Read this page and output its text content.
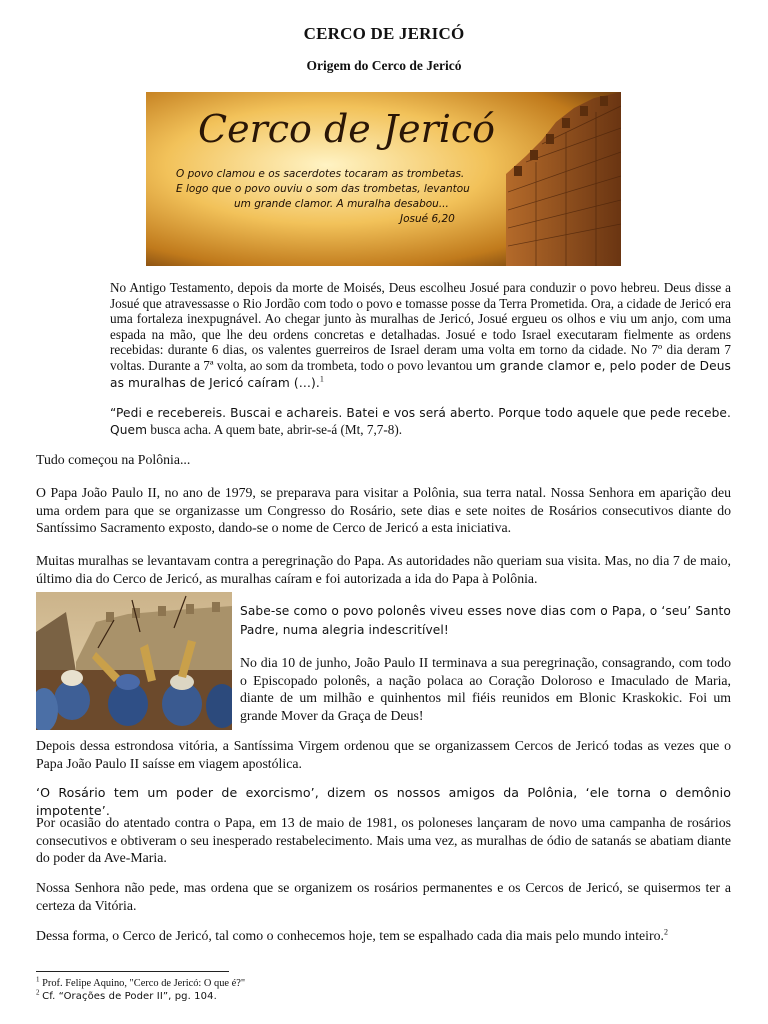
CERCO DE JERICÓ
Origem do Cerco de Jericó
Cerco de Jericó
O povo clamou e os sacerdotes tocaram as trombetas.
E logo que o povo ouviu o som das trombetas, levantou
um grande clamor. A muralha desabou...
Josué 6,20
No Antigo Testamento, depois da morte de Moisés, Deus escolheu Josué para conduzir o povo hebreu. Deus disse a Josué que atravessasse o Rio Jordão com todo o povo e tomasse posse da Terra Prometida. Ora, a cidade de Jericó era uma fortaleza inexpugnável. Ao chegar junto às muralhas de Jericó, Josué ergueu os olhos e viu um anjo, com uma espada na mão, que lhe deu ordens concretas e detalhadas. Josué e todo Israel executaram fielmente as ordens recebidas: durante 6 dias, os valentes guerreiros de Israel deram uma volta em torno da cidade. No 7º dia deram 7 voltas. Durante a 7ª volta, ao som da trombeta, todo o povo levantou um grande clamor e, pelo poder de Deus as muralhas de Jericó caíram (…).$^1$
“Pedi e recebereis. Buscai e achareis. Batei e vos será aberto. Porque todo aquele que pede recebe. Quem busca acha. A quem bate, abrir-se-á (Mt, 7,7-8).

Tudo começou na Polônia...

O Papa João Paulo II, no ano de 1979, se preparava para visitar a Polônia, sua terra natal. Nossa Senhora em aparição deu uma ordem para que se organizasse um Congresso do Rosário, sete dias e sete noites de Rosários consecutivos diante do Santíssimo Sacramento exposto, dando-se o nome de Cerco de Jericó a esta iniciativa.

Muitas muralhas se levantavam contra a peregrinação do Papa. As autoridades não queriam sua visita. Mas, no dia 7 de maio, último dia do Cerco de Jericó, as muralhas caíram e foi autorizada a ida do Papa à Polônia.

Sabe-se como o povo polonês viveu esses nove dias com o Papa, o ‘seu’ Santo Padre, numa alegria indescritível!

No dia 10 de junho, João Paulo II terminava a sua peregrinação, consagrando, com todo o Episcopado polonês, a nação polaca ao Coração Doloroso e Imaculado de Maria, diante de um milhão e quinhentos mil fiéis reunidos em Blonic Kraskokic. Foi um grande Mover da Graça de Deus!

Depois dessa estrondosa vitória, a Santíssima Virgem ordenou que se organizassem Cercos de Jericó todas as vezes que o Papa João Paulo II saísse em viagem apostólica.

‘O Rosário tem um poder de exorcismo’, dizem os nossos amigos da Polônia, ‘ele torna o demônio impotente’.

Por ocasião do atentado contra o Papa, em 13 de maio de 1981, os poloneses lançaram de novo uma campanha de rosários consecutivos e obtiveram o seu inesperado restabelecimento. Mais uma vez, as muralhas de ódio de satanás se abatiam diante do poder da Ave-Maria.

Nossa Senhora não pede, mas ordena que se organizem os rosários permanentes e os Cercos de Jericó, se quisermos ter a certeza da Vitória.

Dessa forma, o Cerco de Jericó, tal como o conhecemos hoje, tem se espalhado cada dia mais pelo mundo inteiro.$^2$

$^1$ Prof. Felipe Aquino, "Cerco de Jericó: O que é?"
$^2$ Cf. “Orações de Poder II”, pg. 104.
